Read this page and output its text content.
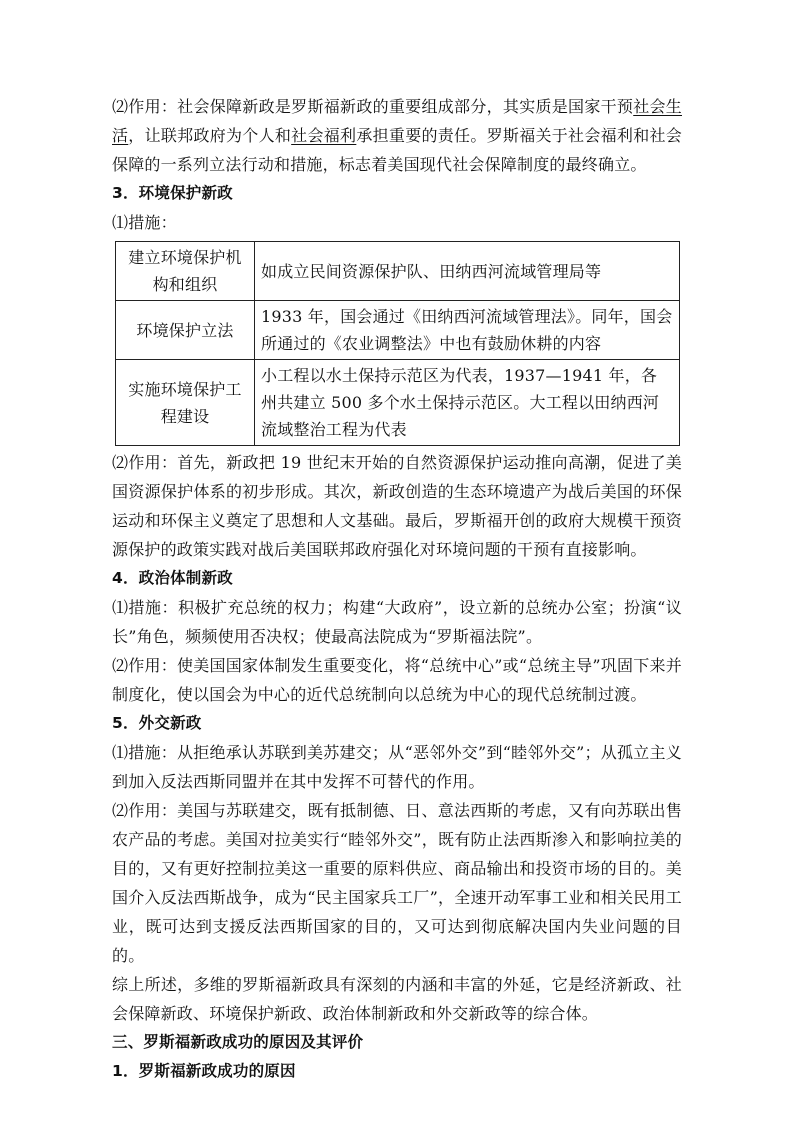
⑵作用：社会保障新政是罗斯福新政的重要组成部分，其实质是国家干预社会生活，让联邦政府为个人和社会福利承担重要的责任。罗斯福关于社会福利和社会保障的一系列立法行动和措施，标志着美国现代社会保障制度的最终确立。

3．环境保护新政

⑴措施：

建立环境保护机构和组织	如成立民间资源保护队、田纳西河流域管理局等
环境保护立法	1933 年，国会通过《田纳西河流域管理法》。同年，国会所通过的《农业调整法》中也有鼓励休耕的内容
实施环境保护工程建设	小工程以水土保持示范区为代表，1937—1941 年，各州共建立 500 多个水土保持示范区。大工程以田纳西河流域整治工程为代表

⑵作用：首先，新政把 19 世纪末开始的自然资源保护运动推向高潮，促进了美国资源保护体系的初步形成。其次，新政创造的生态环境遗产为战后美国的环保运动和环保主义奠定了思想和人文基础。最后，罗斯福开创的政府大规模干预资源保护的政策实践对战后美国联邦政府强化对环境问题的干预有直接影响。

4．政治体制新政

⑴措施：积极扩充总统的权力；构建“大政府”，设立新的总统办公室；扮演“议长”角色，频频使用否决权；使最高法院成为“罗斯福法院”。

⑵作用：使美国国家体制发生重要变化，将“总统中心”或“总统主导”巩固下来并制度化，使以国会为中心的近代总统制向以总统为中心的现代总统制过渡。

5．外交新政

⑴措施：从拒绝承认苏联到美苏建交；从“恶邻外交”到“睦邻外交”；从孤立主义到加入反法西斯同盟并在其中发挥不可替代的作用。

⑵作用：美国与苏联建交，既有抵制德、日、意法西斯的考虑，又有向苏联出售农产品的考虑。美国对拉美实行“睦邻外交”，既有防止法西斯渗入和影响拉美的目的，又有更好控制拉美这一重要的原料供应、商品输出和投资市场的目的。美国介入反法西斯战争，成为“民主国家兵工厂”，全速开动军事工业和相关民用工业，既可达到支援反法西斯国家的目的，又可达到彻底解决国内失业问题的目的。

综上所述，多维的罗斯福新政具有深刻的内涵和丰富的外延，它是经济新政、社会保障新政、环境保护新政、政治体制新政和外交新政等的综合体。

三、罗斯福新政成功的原因及其评价

1．罗斯福新政成功的原因
